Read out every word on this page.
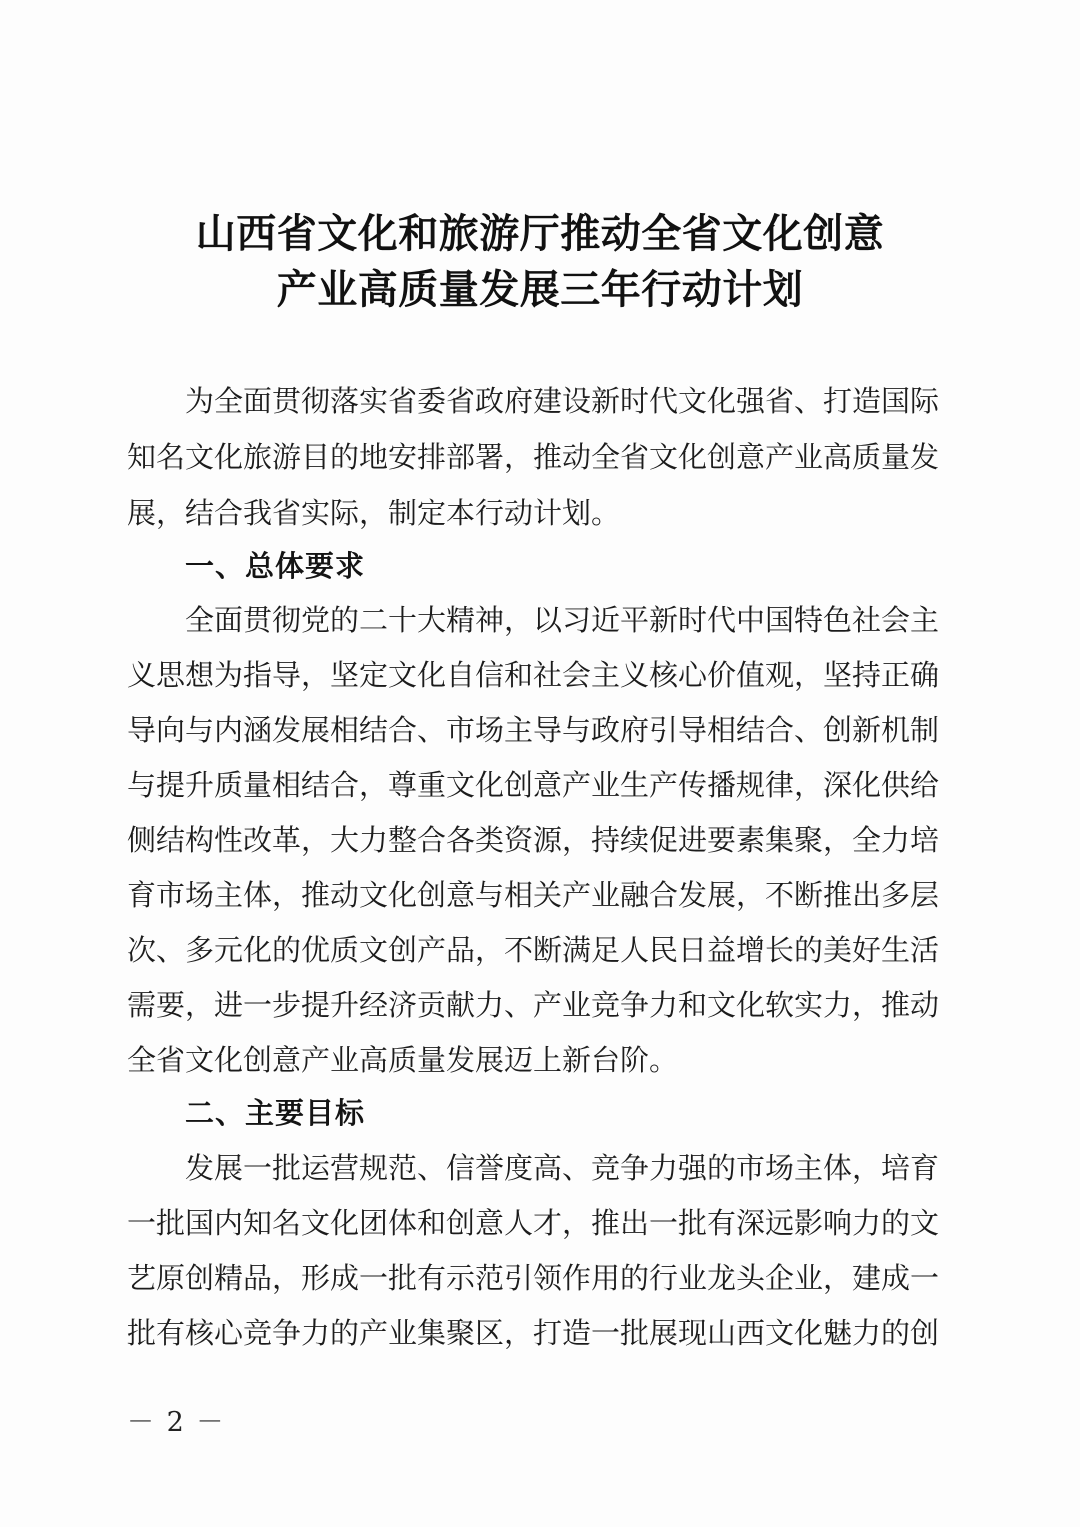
山西省文化和旅游厅推动全省文化创意
产业高质量发展三年行动计划

为全面贯彻落实省委省政府建设新时代文化强省、打造国际

知名文化旅游目的地安排部署，推动全省文化创意产业高质量发

展，结合我省实际，制定本行动计划。

一、总体要求

全面贯彻党的二十大精神，以习近平新时代中国特色社会主

义思想为指导，坚定文化自信和社会主义核心价值观，坚持正确

导向与内涵发展相结合、市场主导与政府引导相结合、创新机制

与提升质量相结合，尊重文化创意产业生产传播规律，深化供给

侧结构性改革，大力整合各类资源，持续促进要素集聚，全力培

育市场主体，推动文化创意与相关产业融合发展，不断推出多层

次、多元化的优质文创产品，不断满足人民日益增长的美好生活

需要，进一步提升经济贡献力、产业竞争力和文化软实力，推动

全省文化创意产业高质量发展迈上新台阶。

二、主要目标

发展一批运营规范、信誉度高、竞争力强的市场主体，培育

一批国内知名文化团体和创意人才，推出一批有深远影响力的文

艺原创精品，形成一批有示范引领作用的行业龙头企业，建成一

批有核心竞争力的产业集聚区，打造一批展现山西文化魅力的创

－ 2 －
